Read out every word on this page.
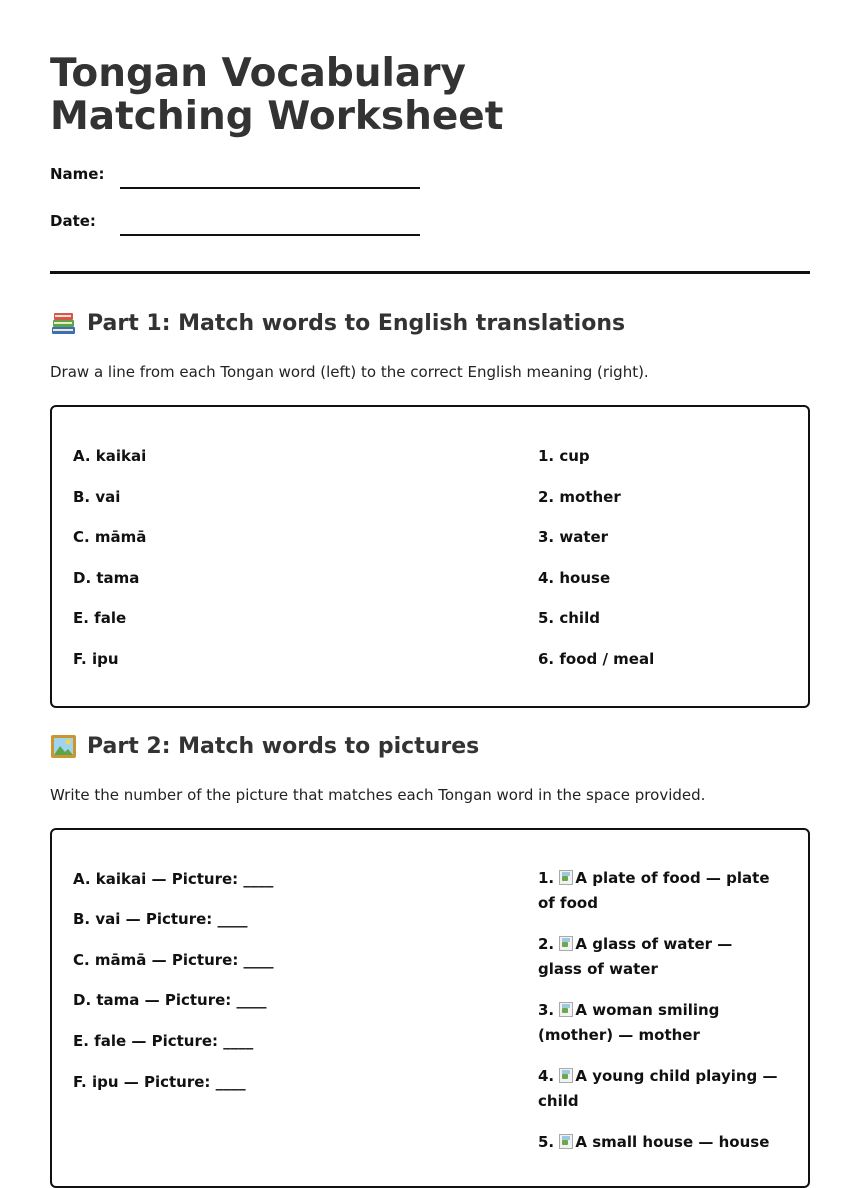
Tongan Vocabulary Matching Worksheet
Name:
Date:
Part 1: Match words to English translations

Draw a line from each Tongan word (left) to the correct English meaning (right).

A. kaikai
B. vai
C. māmā
D. tama
E. fale
F. ipu
1. cup
2. mother
3. water
4. house
5. child
6. food / meal
Part 2: Match words to pictures

Write the number of the picture that matches each Tongan word in the space provided.

A. kaikai — Picture: ____
B. vai — Picture: ____
C. māmā — Picture: ____
D. tama — Picture: ____
E. fale — Picture: ____
F. ipu — Picture: ____
1. A plate of food — plate of food
2. A glass of water — glass of water
3. A woman smiling (mother) — mother
4. A young child playing — child
5. A small house — house
